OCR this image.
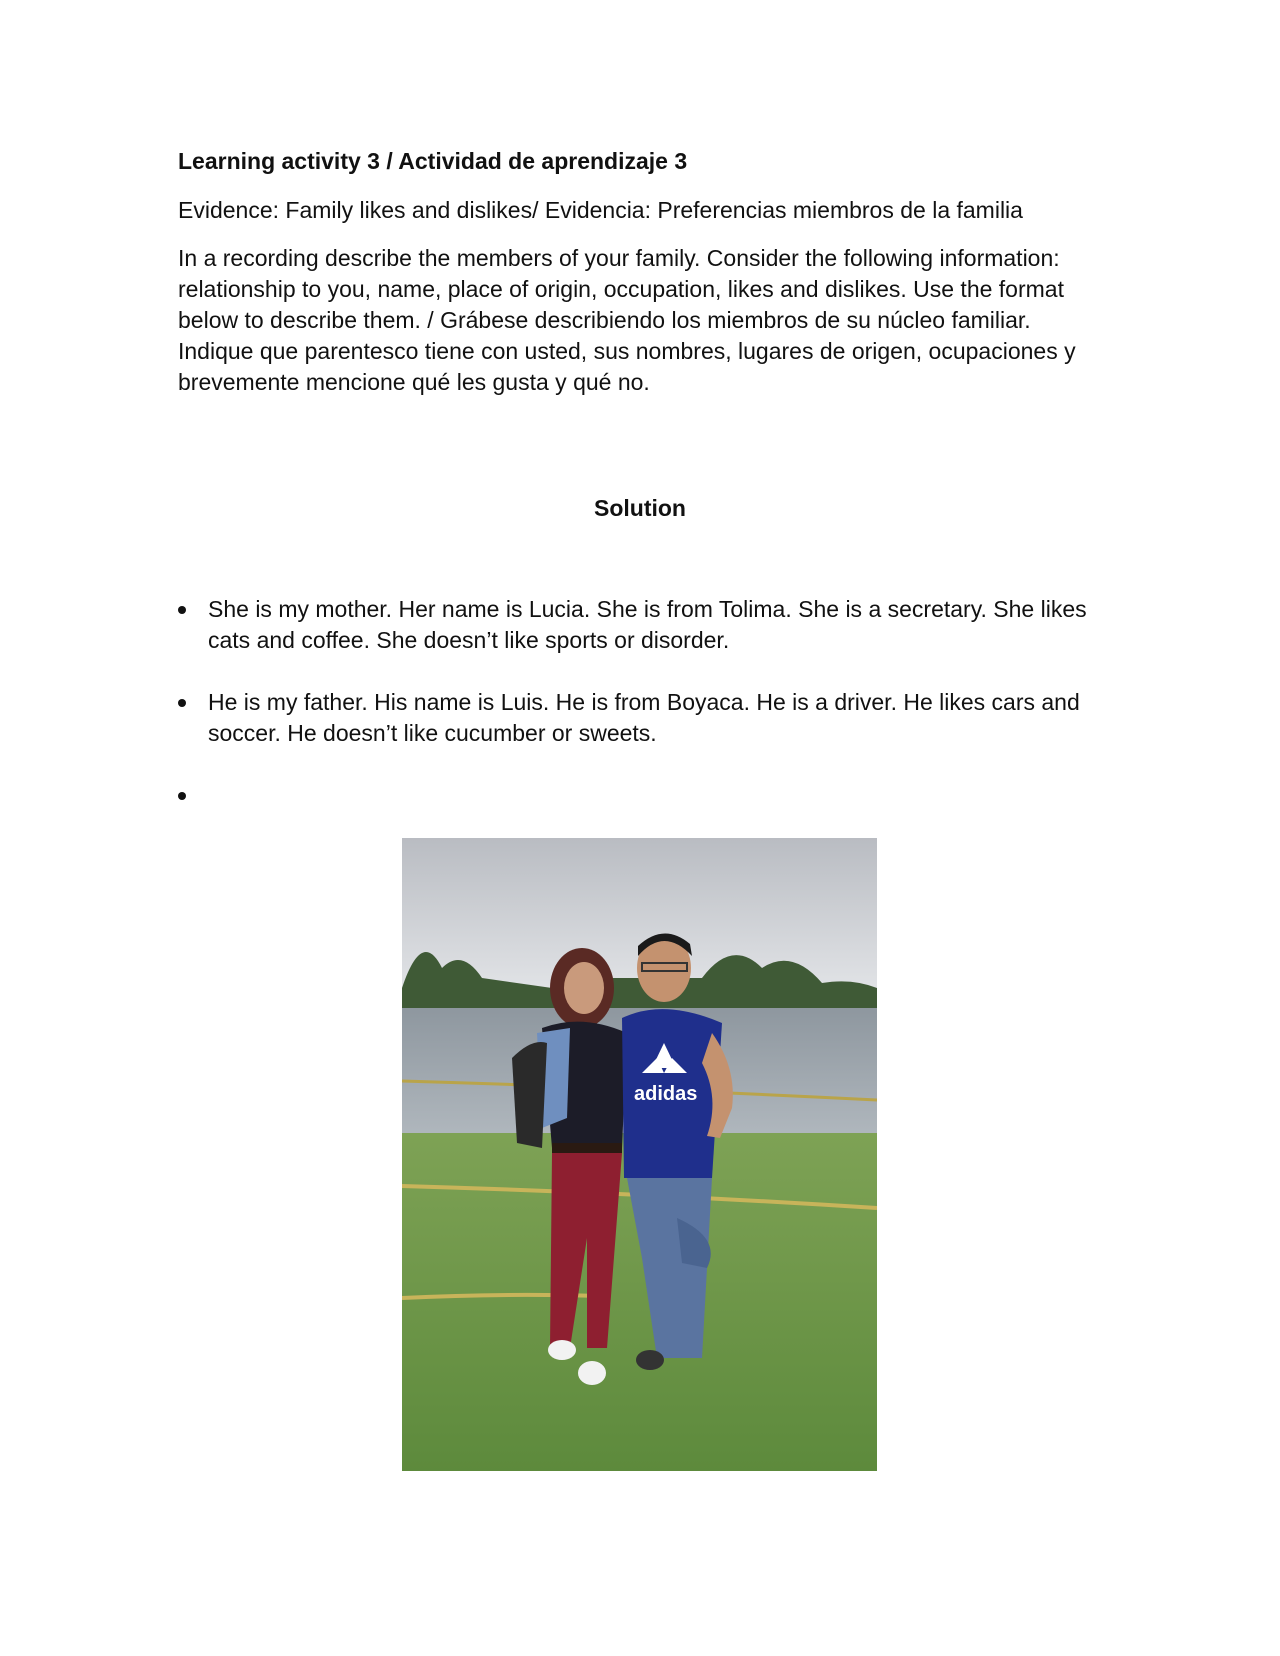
Learning activity 3 / Actividad de aprendizaje 3
Evidence: Family likes and dislikes/ Evidencia: Preferencias miembros de la familia

In a recording describe the members of your family. Consider the following information: relationship to you, name, place of origin, occupation, likes and dislikes. Use the format below to describe them. / Grábese describiendo los miembros de su núcleo familiar. Indique que parentesco tiene con usted, sus nombres, lugares de origen, ocupaciones y brevemente mencione qué les gusta y qué no.

Solution
She is my mother. Her name is Lucia. She is from Tolima. She is a secretary. She likes cats and coffee. She doesn’t like sports or disorder.
He is my father. His name is Luis. He is from Boyaca. He is a driver. He likes cars and soccer. He doesn’t like cucumber or sweets.
adidas
